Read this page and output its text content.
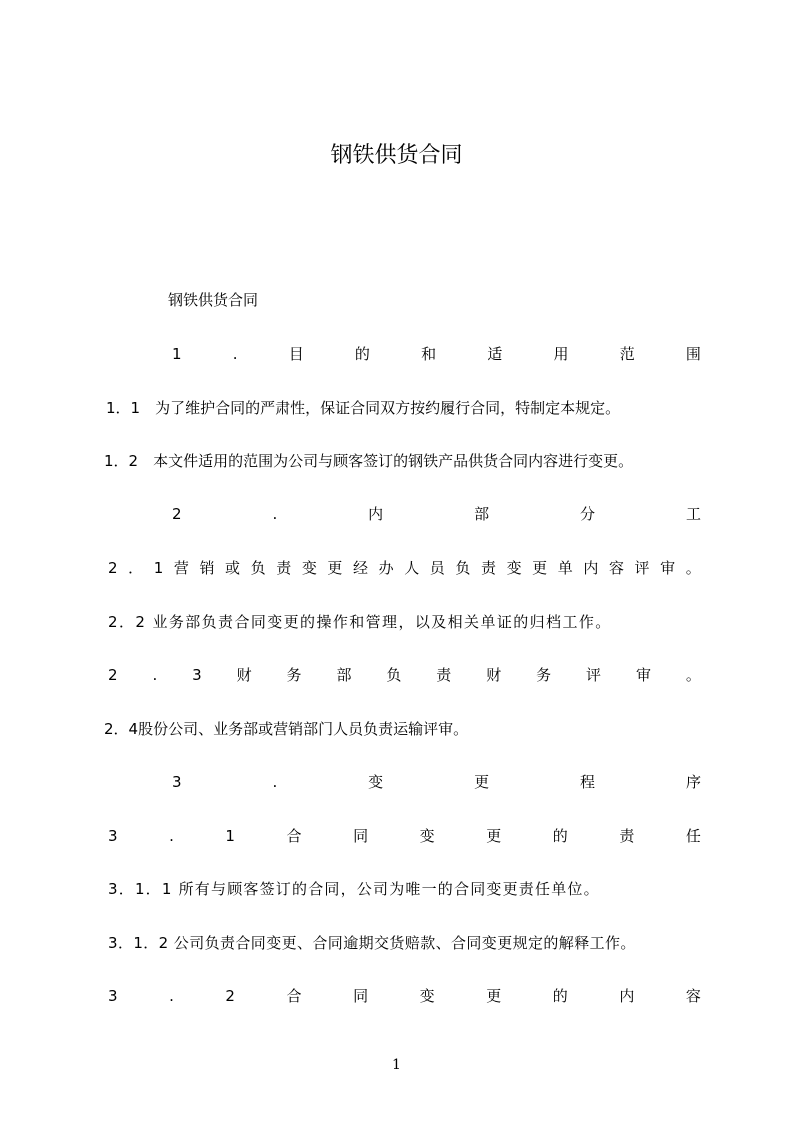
钢铁供货合同
钢铁供货合同
1	.	目	的	和	适	用	范	围
1．1　为了维护合同的严肃性，保证合同双方按约履行合同，特制定本规定。
1．2　本文件适用的范围为公司与顾客签订的钢铁产品供货合同内容进行变更。
2	.	内	部	分	工
2 ． 1 营 销 或 负 责 变 更 经 办 人 员 负 责 变 更 单 内 容 评 审 。
2．2 业务部负责合同变更的操作和管理，以及相关单证的归档工作。
2 . 3 财 务 部 负 责 财 务 评 审 。
2．4股份公司、业务部或营销部门人员负责运输评审。
3	.	变	更	程	序
3	.	1	合	同	变	更	的	责	任
3．1．1 所有与顾客签订的合同，公司为唯一的合同变更责任单位。
3．1．2 公司负责合同变更、合同逾期交货赔款、合同变更规定的解释工作。
3	.	2	合	同	变	更	的	内	容
1
